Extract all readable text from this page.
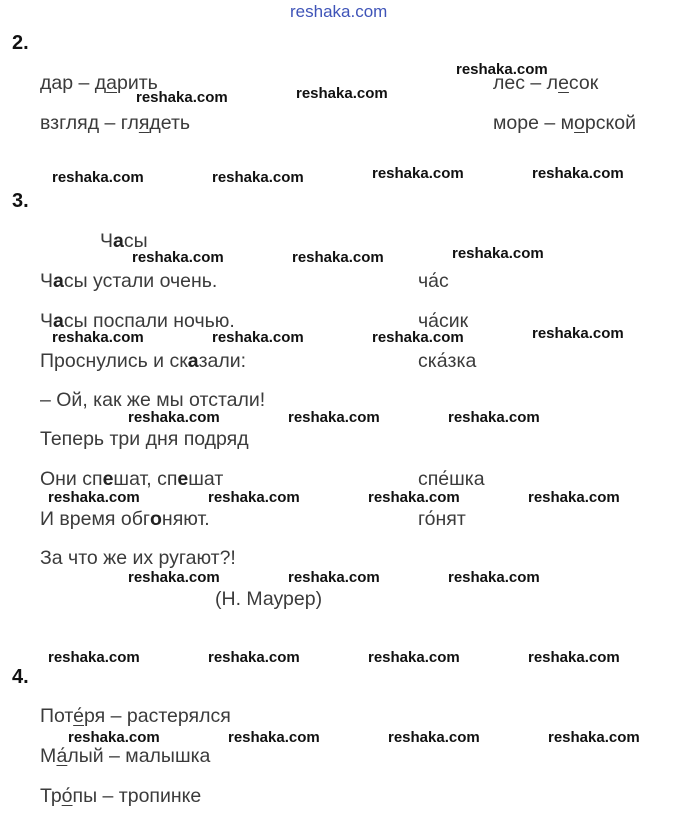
reshaka.com
2.
дар – дарить	лес – лесок
взгляд – глядеть	море – морской
3.
Часы
Часы устали очень.
Часы поспали ночью.
Проснулись и сказали:
– Ой, как же мы отстали!
Теперь три дня подряд
Они спешат, спешат
И время обгоняют.
За что же их ругают?!
(Н. Маурер)
ча́с
ча́сик
ска́зка
спе́шка
го́нят
4.
Поте́ря – растерялся
Ма́лый – малышка
Тро́пы – тропинке
reshaka.com
reshaka.com	reshaka.com
reshaka.com	reshaka.com	reshaka.com	reshaka.com
reshaka.com	reshaka.com	reshaka.com
reshaka.com	reshaka.com	reshaka.com	reshaka.com
reshaka.com	reshaka.com	reshaka.com
reshaka.com	reshaka.com	reshaka.com	reshaka.com
reshaka.com	reshaka.com	reshaka.com
reshaka.com	reshaka.com	reshaka.com	reshaka.com
reshaka.com	reshaka.com	reshaka.com	reshaka.com
